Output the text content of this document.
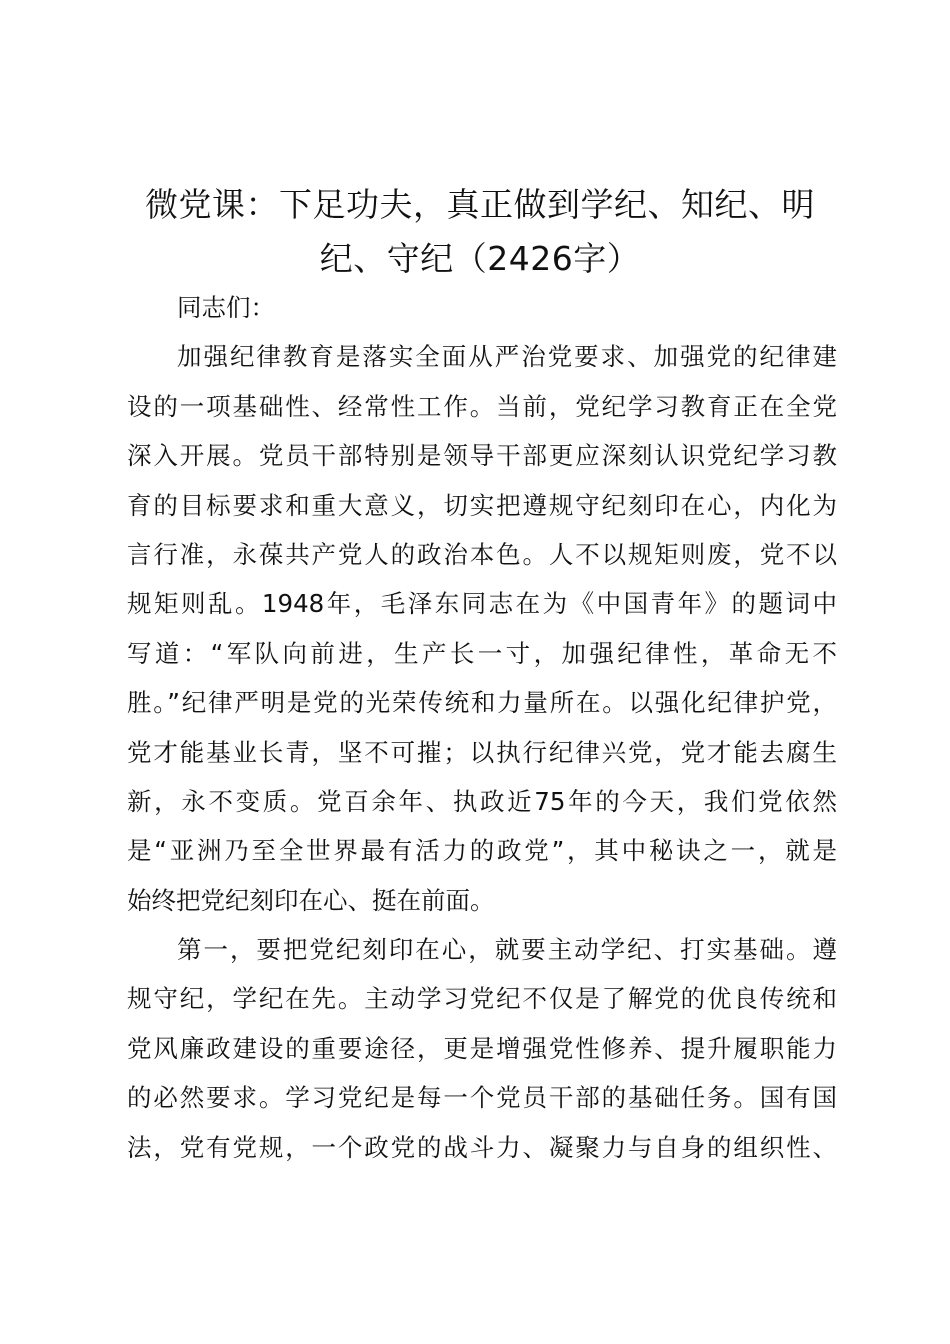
微党课：下足功夫，真正做到学纪、知纪、明
纪、守纪（2426字）
同志们：
加强纪律教育是落实全面从严治党要求、加强党的纪律建
设的一项基础性、经常性工作。当前，党纪学习教育正在全党
深入开展。党员干部特别是领导干部更应深刻认识党纪学习教
育的目标要求和重大意义，切实把遵规守纪刻印在心，内化为
言行准，永葆共产党人的政治本色。人不以规矩则废，党不以
规矩则乱。1948年，毛泽东同志在为《中国青年》的题词中
写道：“军队向前进，生产长一寸，加强纪律性，革命无不
胜。”纪律严明是党的光荣传统和力量所在。以强化纪律护党，
党才能基业长青，坚不可摧；以执行纪律兴党，党才能去腐生
新，永不变质。党百余年、执政近75年的今天，我们党依然
是“亚洲乃至全世界最有活力的政党”，其中秘诀之一，就是
始终把党纪刻印在心、挺在前面。
第一，要把党纪刻印在心，就要主动学纪、打实基础。遵
规守纪，学纪在先。主动学习党纪不仅是了解党的优良传统和
党风廉政建设的重要途径，更是增强党性修养、提升履职能力
的必然要求。学习党纪是每一个党员干部的基础任务。国有国
法，党有党规，一个政党的战斗力、凝聚力与自身的组织性、
